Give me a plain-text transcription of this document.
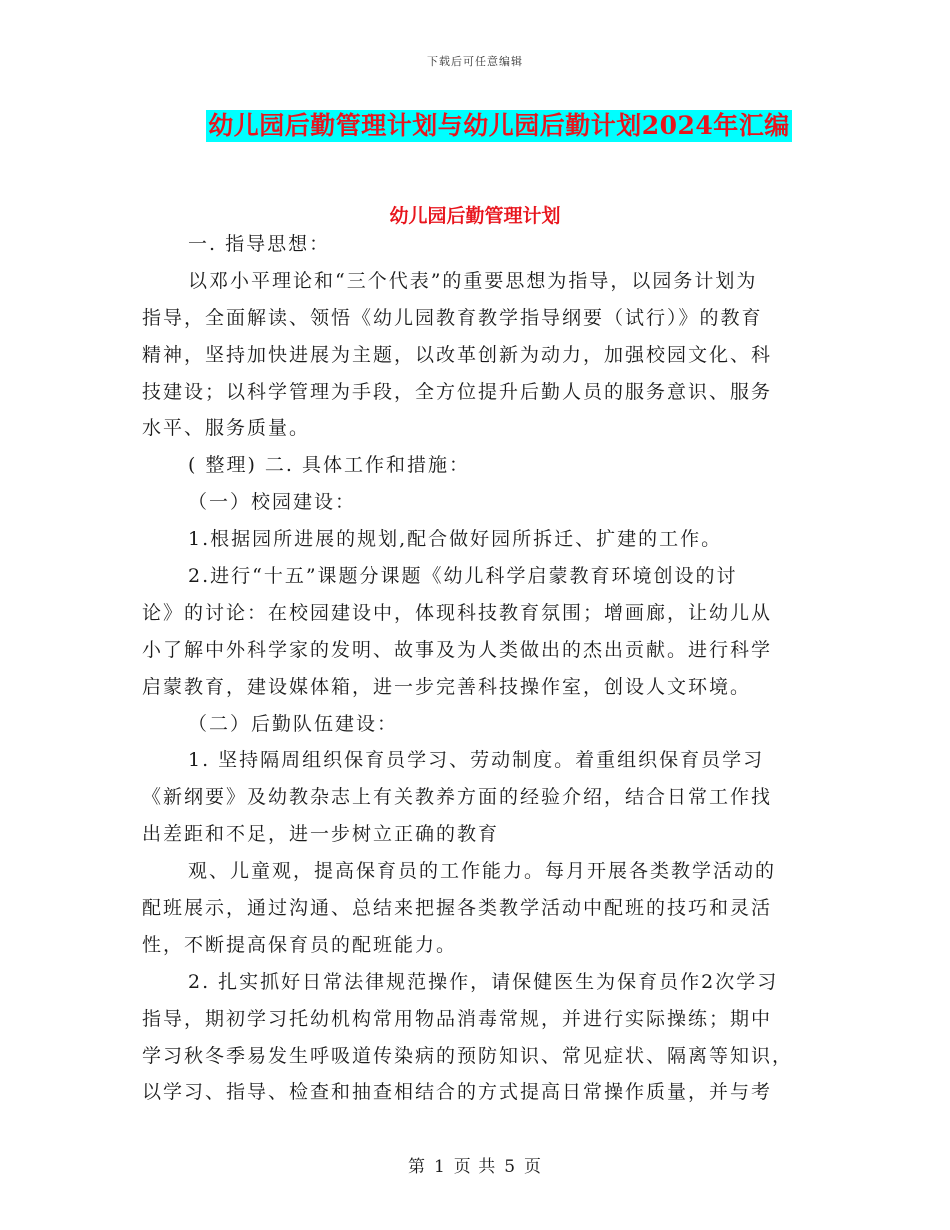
下载后可任意编辑
幼儿园后勤管理计划与幼儿园后勤计划2024年汇编
幼儿园后勤管理计划
一. 指导思想：
以邓小平理论和“三个代表”的重要思想为指导，以园务计划为
指导，全面解读、领悟《幼儿园教育教学指导纲要（试行）》的教育
精神，坚持加快进展为主题，以改革创新为动力，加强校园文化、科
技建设；以科学管理为手段，全方位提升后勤人员的服务意识、服务
水平、服务质量。
( 整理) 二. 具体工作和措施：
（一）校园建设：
1.根据园所进展的规划,配合做好园所拆迁、扩建的工作。
2.进行“十五”课题分课题《幼儿科学启蒙教育环境创设的讨
论》的讨论：在校园建设中，体现科技教育氛围；增画廊，让幼儿从
小了解中外科学家的发明、故事及为人类做出的杰出贡献。进行科学
启蒙教育，建设媒体箱，进一步完善科技操作室，创设人文环境。
（二）后勤队伍建设：
1. 坚持隔周组织保育员学习、劳动制度。着重组织保育员学习
《新纲要》及幼教杂志上有关教养方面的经验介绍，结合日常工作找
出差距和不足，进一步树立正确的教育
观、儿童观，提高保育员的工作能力。每月开展各类教学活动的
配班展示，通过沟通、总结来把握各类教学活动中配班的技巧和灵活
性，不断提高保育员的配班能力。
2. 扎实抓好日常法律规范操作，请保健医生为保育员作2次学习
指导，期初学习托幼机构常用物品消毒常规，并进行实际操练；期中
学习秋冬季易发生呼吸道传染病的预防知识、常见症状、隔离等知识，
以学习、指导、检查和抽查相结合的方式提高日常操作质量，并与考
第 1 页 共 5 页
